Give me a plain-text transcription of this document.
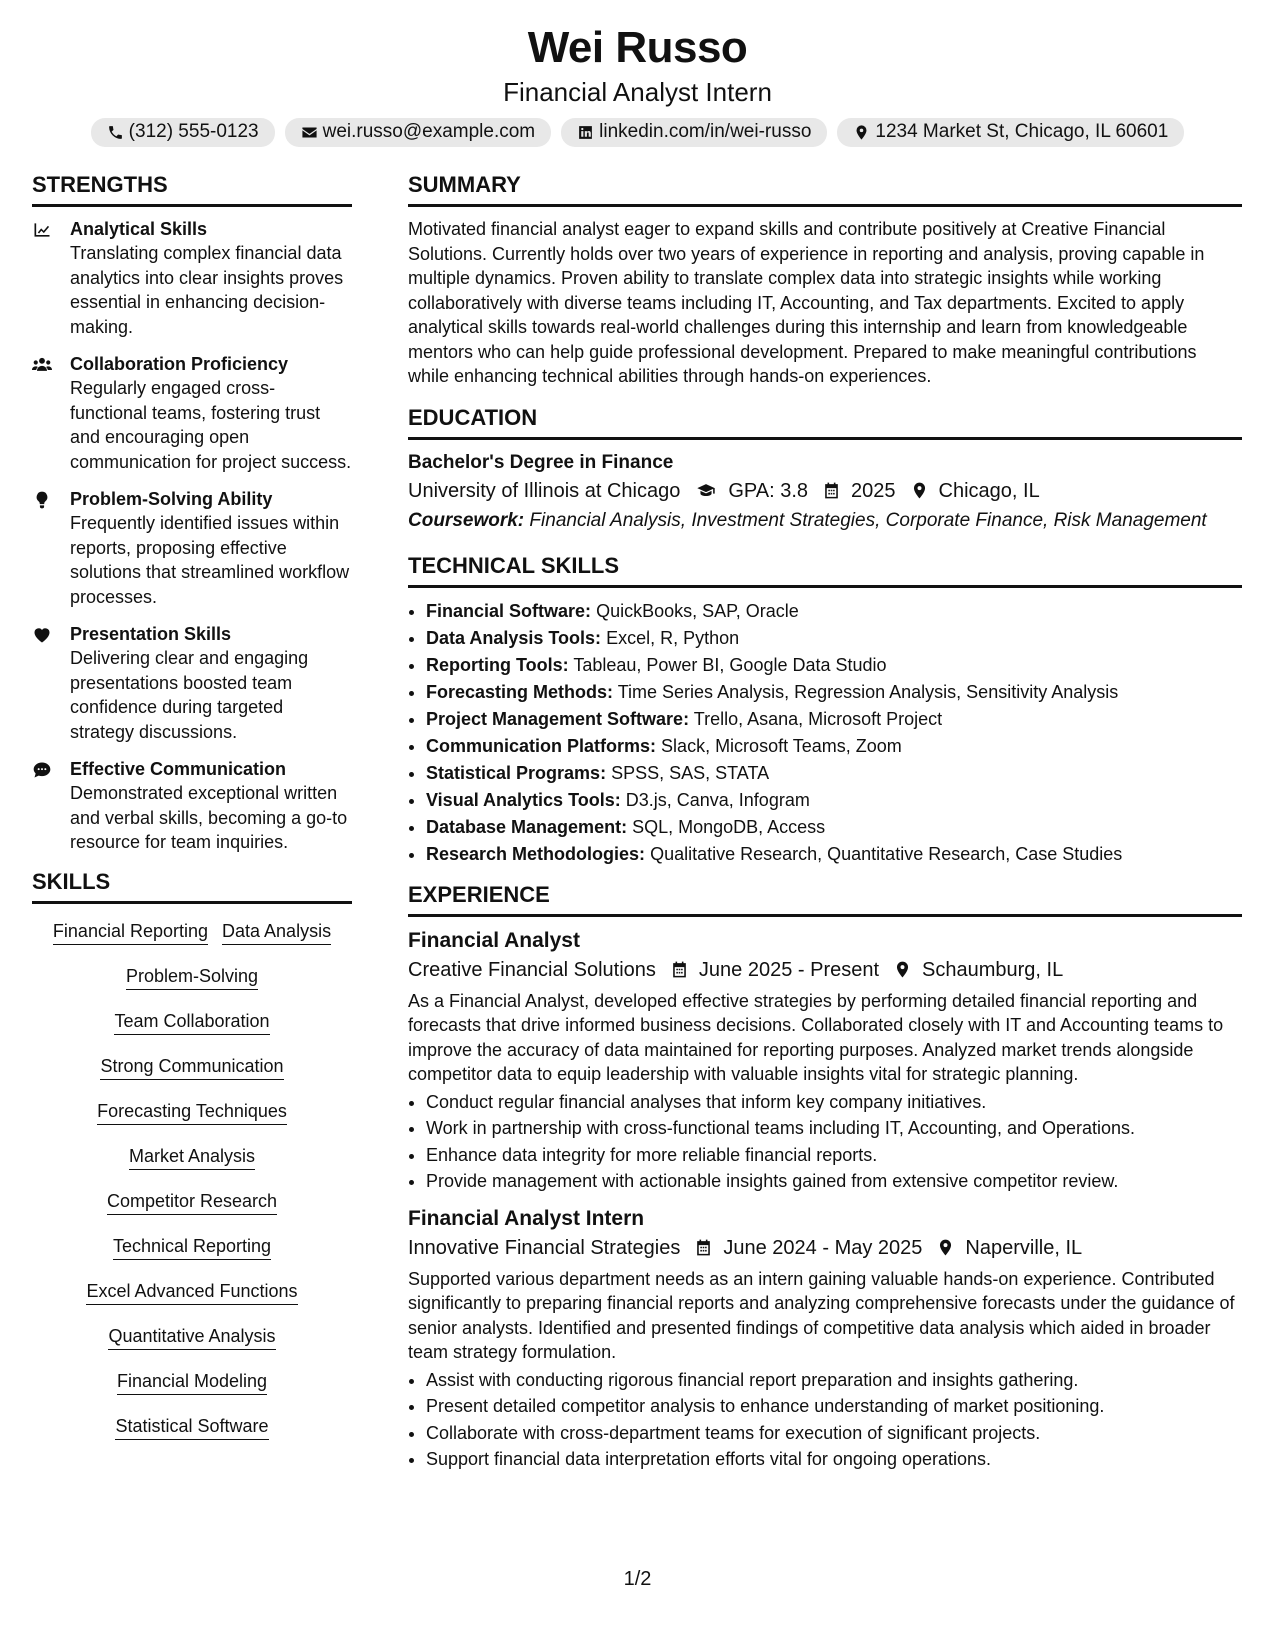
Wei Russo
Financial Analyst Intern
(312) 555-0123	wei.russo@example.com	linkedin.com/in/wei-russo	1234 Market St, Chicago, IL 60601
STRENGTHS
Analytical Skills
Translating complex financial data analytics into clear insights proves essential in enhancing decision-making.
Collaboration Proficiency
Regularly engaged cross-functional teams, fostering trust and encouraging open communication for project success.
Problem-Solving Ability
Frequently identified issues within reports, proposing effective solutions that streamlined workflow processes.
Presentation Skills
Delivering clear and engaging presentations boosted team confidence during targeted strategy discussions.
Effective Communication
Demonstrated exceptional written and verbal skills, becoming a go-to resource for team inquiries.
SKILLS
Financial Reporting Data Analysis
Problem-Solving
Team Collaboration
Strong Communication
Forecasting Techniques
Market Analysis
Competitor Research
Technical Reporting
Excel Advanced Functions
Quantitative Analysis
Financial Modeling
Statistical Software
SUMMARY
Motivated financial analyst eager to expand skills and contribute positively at Creative Financial Solutions. Currently holds over two years of experience in reporting and analysis, proving capable in multiple dynamics. Proven ability to translate complex data into strategic insights while working collaboratively with diverse teams including IT, Accounting, and Tax departments. Excited to apply analytical skills towards real-world challenges during this internship and learn from knowledgeable mentors who can help guide professional development. Prepared to make meaningful contributions while enhancing technical abilities through hands-on experiences.
EDUCATION
Bachelor's Degree in Finance
University of Illinois at Chicago GPA: 3.8 2025 Chicago, IL
Coursework: Financial Analysis, Investment Strategies, Corporate Finance, Risk Management
TECHNICAL SKILLS
• Financial Software: QuickBooks, SAP, Oracle
• Data Analysis Tools: Excel, R, Python
• Reporting Tools: Tableau, Power BI, Google Data Studio
• Forecasting Methods: Time Series Analysis, Regression Analysis, Sensitivity Analysis
• Project Management Software: Trello, Asana, Microsoft Project
• Communication Platforms: Slack, Microsoft Teams, Zoom
• Statistical Programs: SPSS, SAS, STATA
• Visual Analytics Tools: D3.js, Canva, Infogram
• Database Management: SQL, MongoDB, Access
• Research Methodologies: Qualitative Research, Quantitative Research, Case Studies
EXPERIENCE
Financial Analyst
Creative Financial Solutions June 2025 - Present Schaumburg, IL
As a Financial Analyst, developed effective strategies by performing detailed financial reporting and forecasts that drive informed business decisions. Collaborated closely with IT and Accounting teams to improve the accuracy of data maintained for reporting purposes. Analyzed market trends alongside competitor data to equip leadership with valuable insights vital for strategic planning.
• Conduct regular financial analyses that inform key company initiatives.
• Work in partnership with cross-functional teams including IT, Accounting, and Operations.
• Enhance data integrity for more reliable financial reports.
• Provide management with actionable insights gained from extensive competitor review.
Financial Analyst Intern
Innovative Financial Strategies June 2024 - May 2025 Naperville, IL
Supported various department needs as an intern gaining valuable hands-on experience. Contributed significantly to preparing financial reports and analyzing comprehensive forecasts under the guidance of senior analysts. Identified and presented findings of competitive data analysis which aided in broader team strategy formulation.
• Assist with conducting rigorous financial report preparation and insights gathering.
• Present detailed competitor analysis to enhance understanding of market positioning.
• Collaborate with cross-department teams for execution of significant projects.
• Support financial data interpretation efforts vital for ongoing operations.
1/2
